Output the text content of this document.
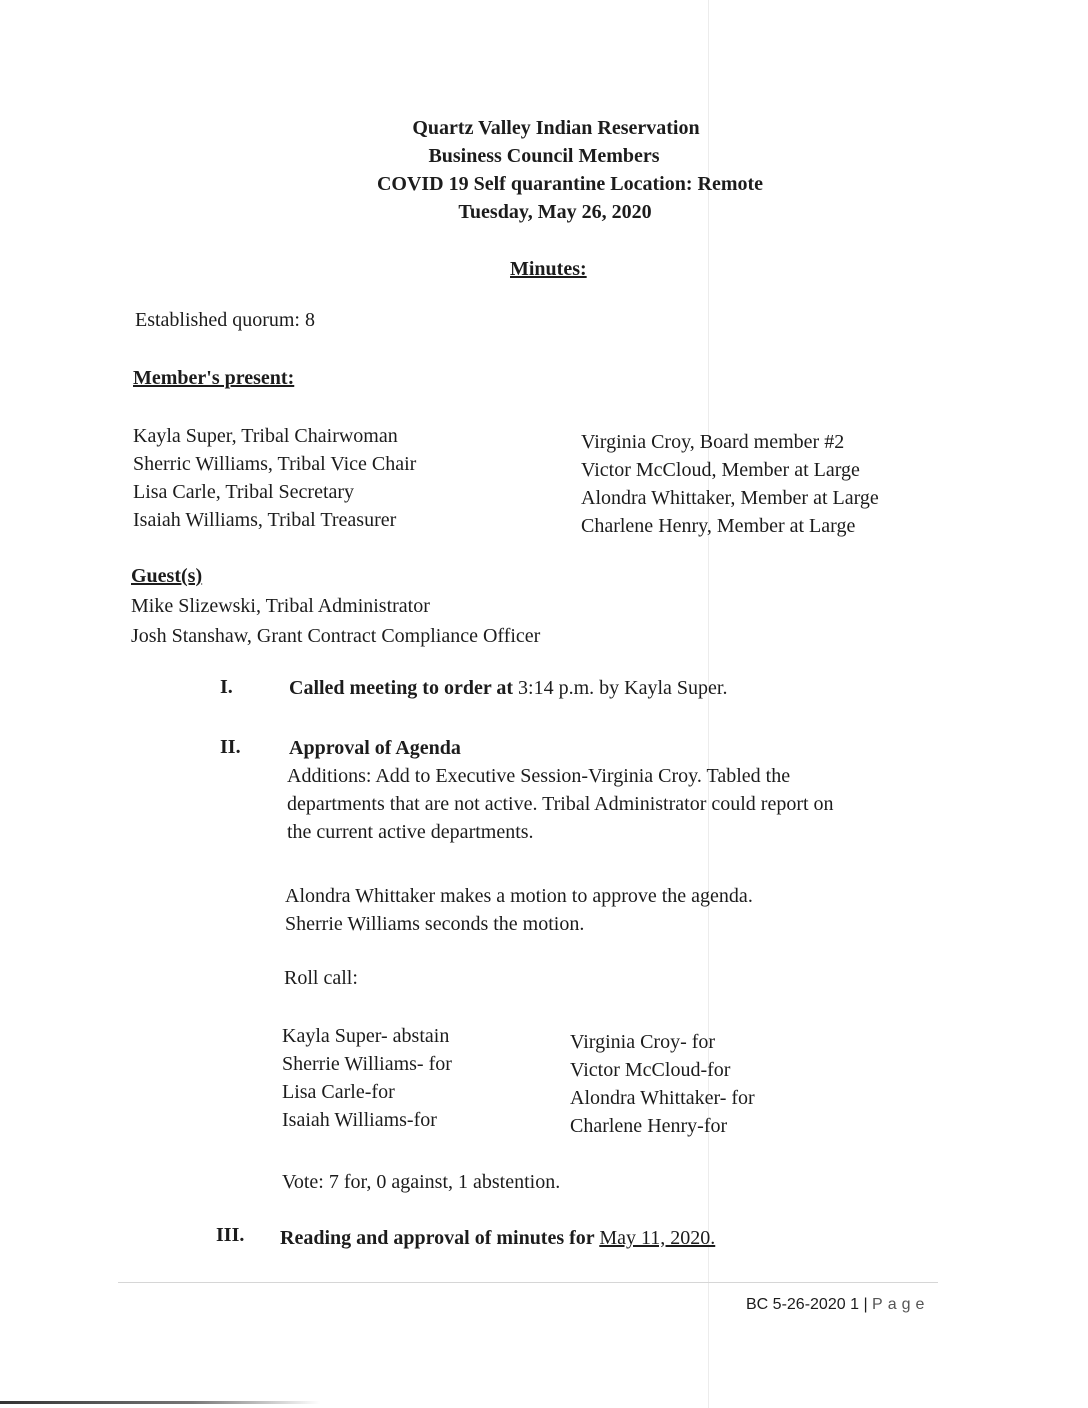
Quartz Valley Indian Reservation
Business Council Members
COVID 19 Self quarantine Location: Remote
Tuesday, May 26, 2020
Minutes:
Established quorum: 8
Member's present:
Kayla Super, Tribal Chairwoman
Sherric Williams, Tribal Vice Chair
Lisa Carle, Tribal Secretary
Isaiah Williams, Tribal Treasurer
Virginia Croy, Board member #2
Victor McCloud, Member at Large
Alondra Whittaker, Member at Large
Charlene Henry, Member at Large
Guest(s)
Mike Slizewski, Tribal Administrator
Josh Stanshaw, Grant Contract Compliance Officer
I.	Called meeting to order at 3:14 p.m. by Kayla Super.
II. Approval of Agenda
Additions: Add to Executive Session-Virginia Croy. Tabled the
departments that are not active. Tribal Administrator could report on
the current active departments.
Alondra Whittaker makes a motion to approve the agenda.
Sherrie Williams seconds the motion.
Roll call:
Kayla Super- abstain
Sherrie Williams- for
Lisa Carle-for
Isaiah Williams-for
Virginia Croy- for
Victor McCloud-for
Alondra Whittaker- for
Charlene Henry-for
Vote: 7 for, 0 against, 1 abstention.
III. Reading and approval of minutes for May 11, 2020.
BC 5-26-2020 1 | Page
